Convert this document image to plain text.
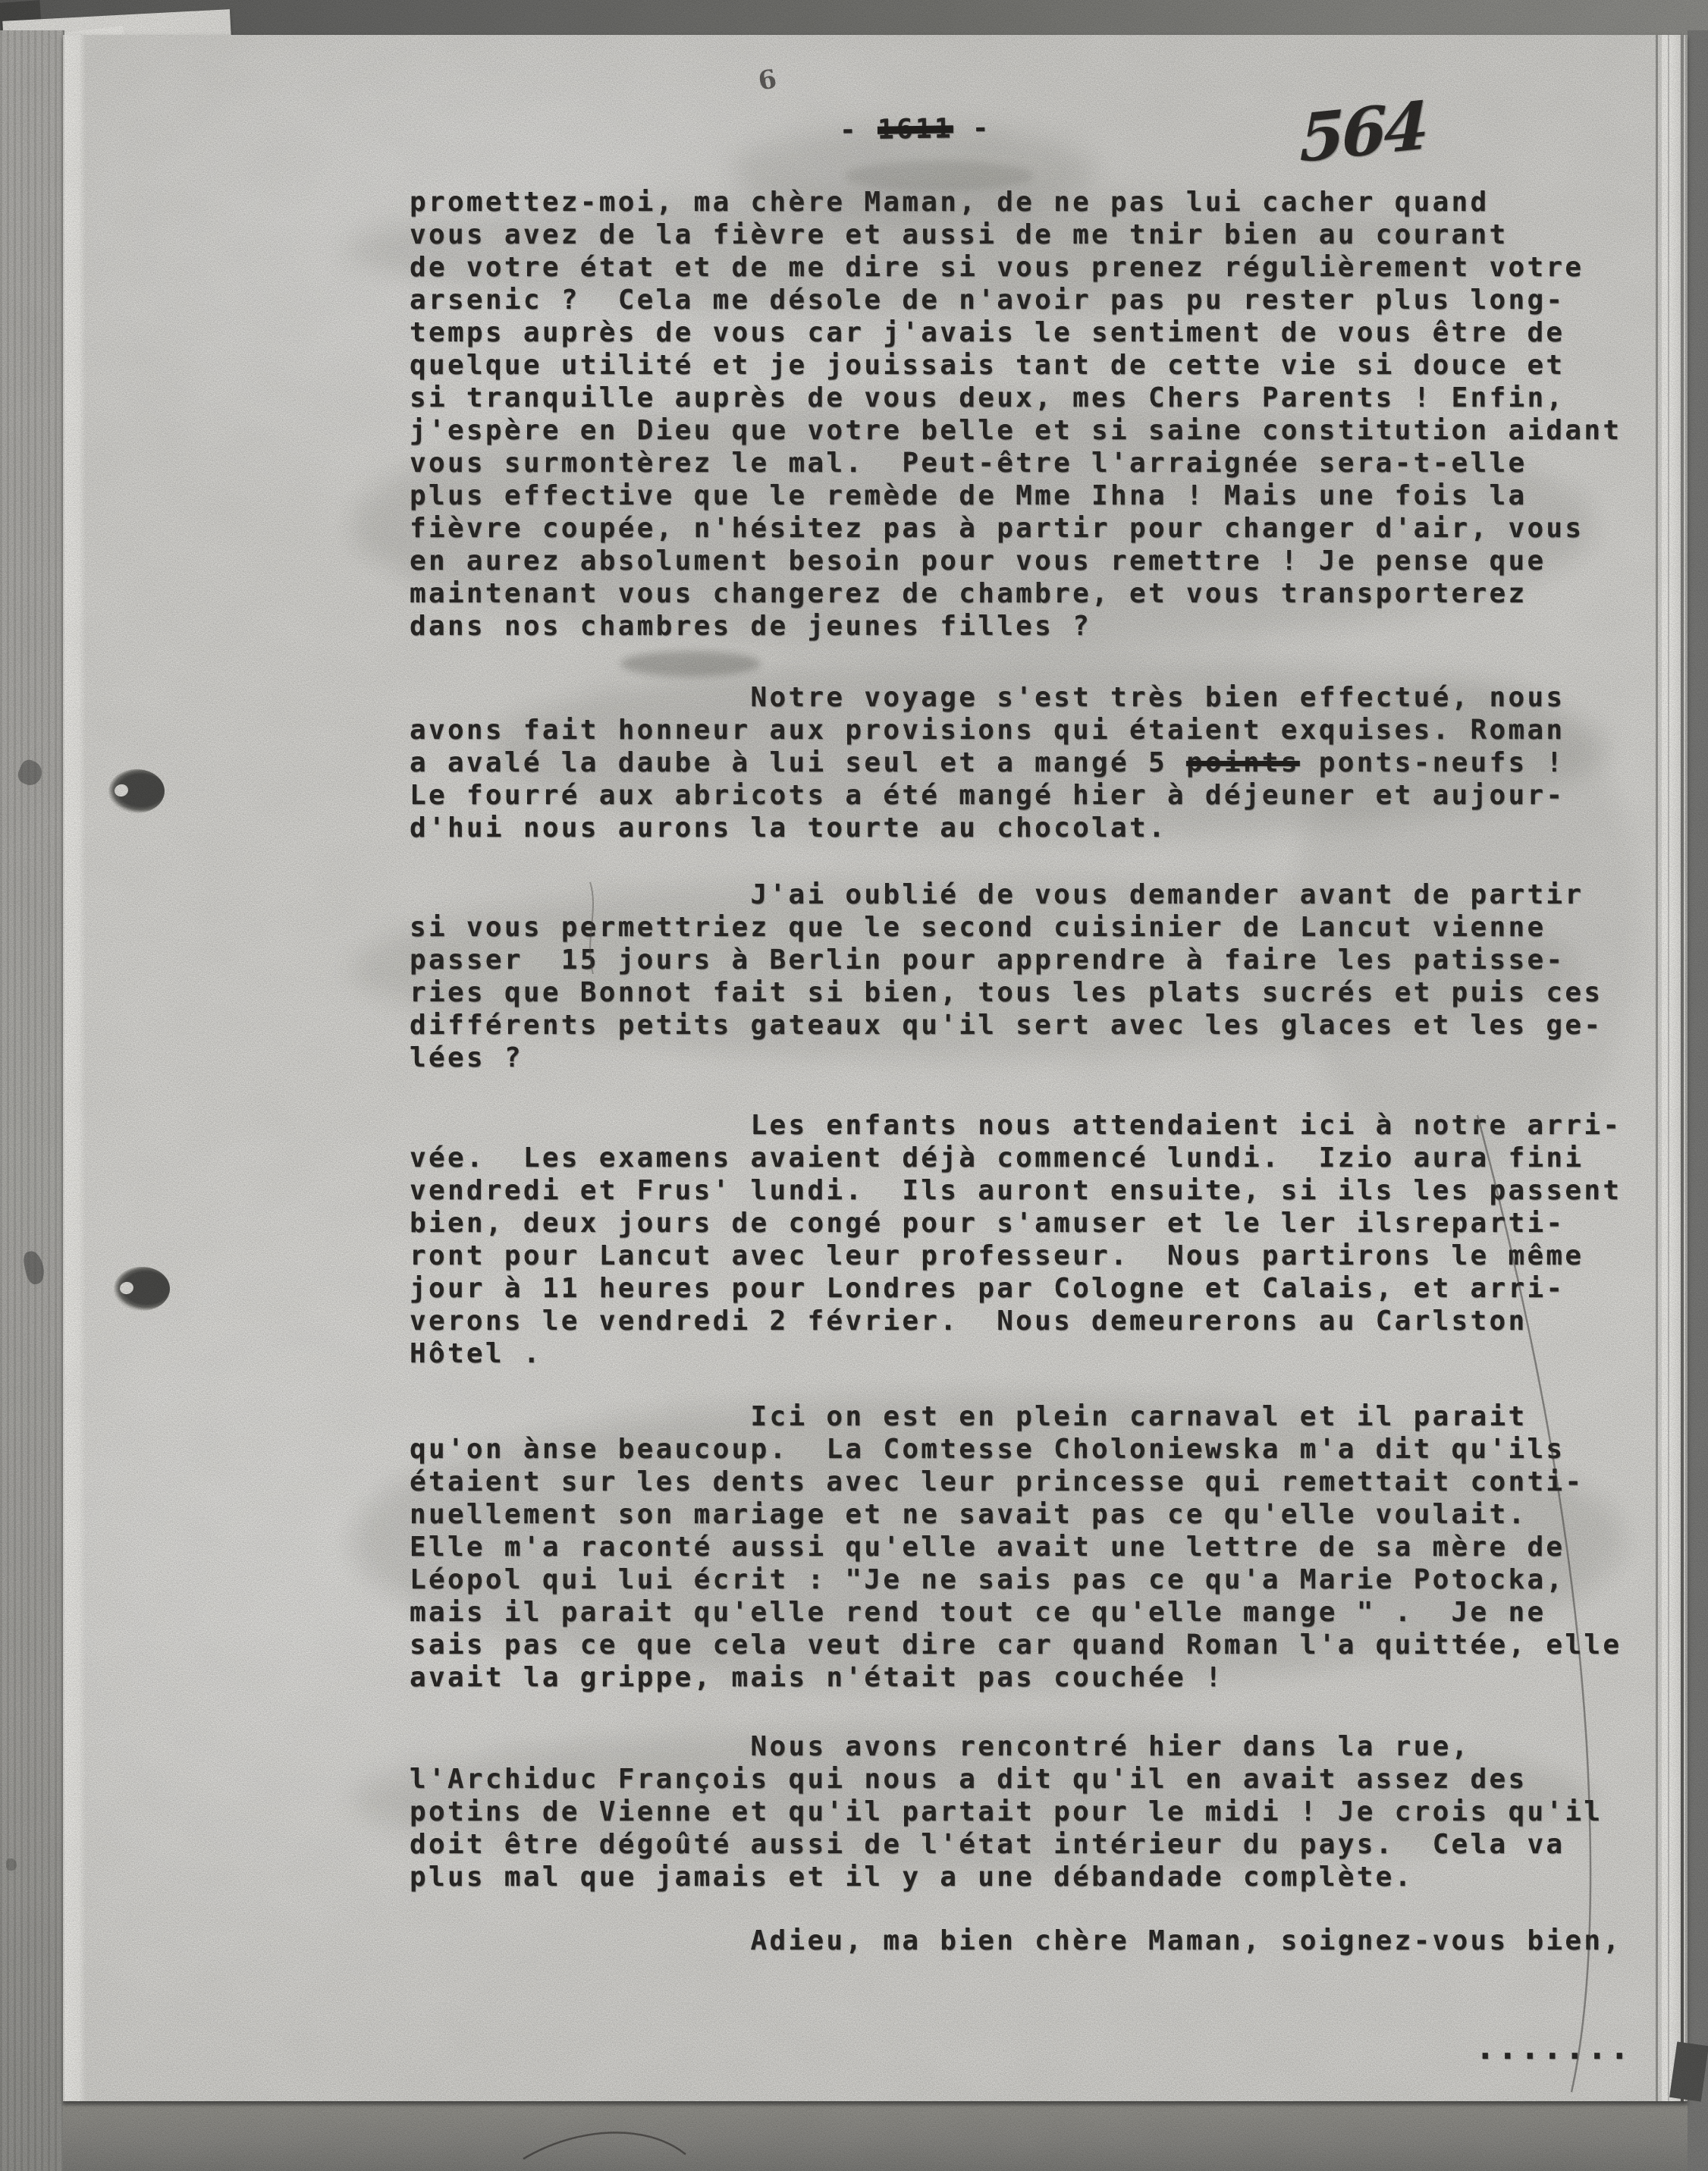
6
- 1611 -	564
promettez-moi, ma chère Maman, de ne pas lui cacher quand
vous avez de la fièvre et aussi de me tnir bien au courant
de votre état et de me dire si vous prenez régulièrement votre
arsenic ?  Cela me désole de n'avoir pas pu rester plus long-
temps auprès de vous car j'avais le sentiment de vous être de
quelque utilité et je jouissais tant de cette vie si douce et
si tranquille auprès de vous deux, mes Chers Parents ! Enfin,
j'espère en Dieu que votre belle et si saine constitution aidant
vous surmontèrez le mal.  Peut-être l'arraignée sera-t-elle
plus effective que le remède de Mme Ihna ! Mais une fois la
fièvre coupée, n'hésitez pas à partir pour changer d'air, vous
en aurez absolument besoin pour vous remettre ! Je pense que
maintenant vous changerez de chambre, et vous transporterez
dans nos chambres de jeunes filles ?
Notre voyage s'est très bien effectué, nous
avons fait honneur aux provisions qui étaient exquises. Roman
a avalé la daube à lui seul et a mangé 5 points ponts-neufs !
Le fourré aux abricots a été mangé hier à déjeuner et aujour-
d'hui nous aurons la tourte au chocolat.
J'ai oublié de vous demander avant de partir
si vous permettriez que le second cuisinier de Lancut vienne
passer  15 jours à Berlin pour apprendre à faire les patisse-
ries que Bonnot fait si bien, tous les plats sucrés et puis ces
différents petits gateaux qu'il sert avec les glaces et les ge-
lées ?
Les enfants nous attendaient ici à notre arri-
vée.  Les examens avaient déjà commencé lundi.  Izio aura fini
vendredi et Frus' lundi.  Ils auront ensuite, si ils les passent
bien, deux jours de congé pour s'amuser et le ler ilsreparti-
ront pour Lancut avec leur professeur.  Nous partirons le même
jour à 11 heures pour Londres par Cologne et Calais, et arri-
verons le vendredi 2 février.  Nous demeurerons au Carlston
Hôtel .
Ici on est en plein carnaval et il parait
qu'on ànse beaucoup.  La Comtesse Choloniewska m'a dit qu'ils
étaient sur les dents avec leur princesse qui remettait conti-
nuellement son mariage et ne savait pas ce qu'elle voulait.
Elle m'a raconté aussi qu'elle avait une lettre de sa mère de
Léopol qui lui écrit : "Je ne sais pas ce qu'a Marie Potocka,
mais il parait qu'elle rend tout ce qu'elle mange " .  Je ne
sais pas ce que cela veut dire car quand Roman l'a quittée, elle
avait la grippe, mais n'était pas couchée !
Nous avons rencontré hier dans la rue,
l'Archiduc François qui nous a dit qu'il en avait assez des
potins de Vienne et qu'il partait pour le midi ! Je crois qu'il
doit être dégoûté aussi de l'état intérieur du pays.  Cela va
plus mal que jamais et il y a une débandade complète.
Adieu, ma bien chère Maman, soignez-vous bien,
.......
